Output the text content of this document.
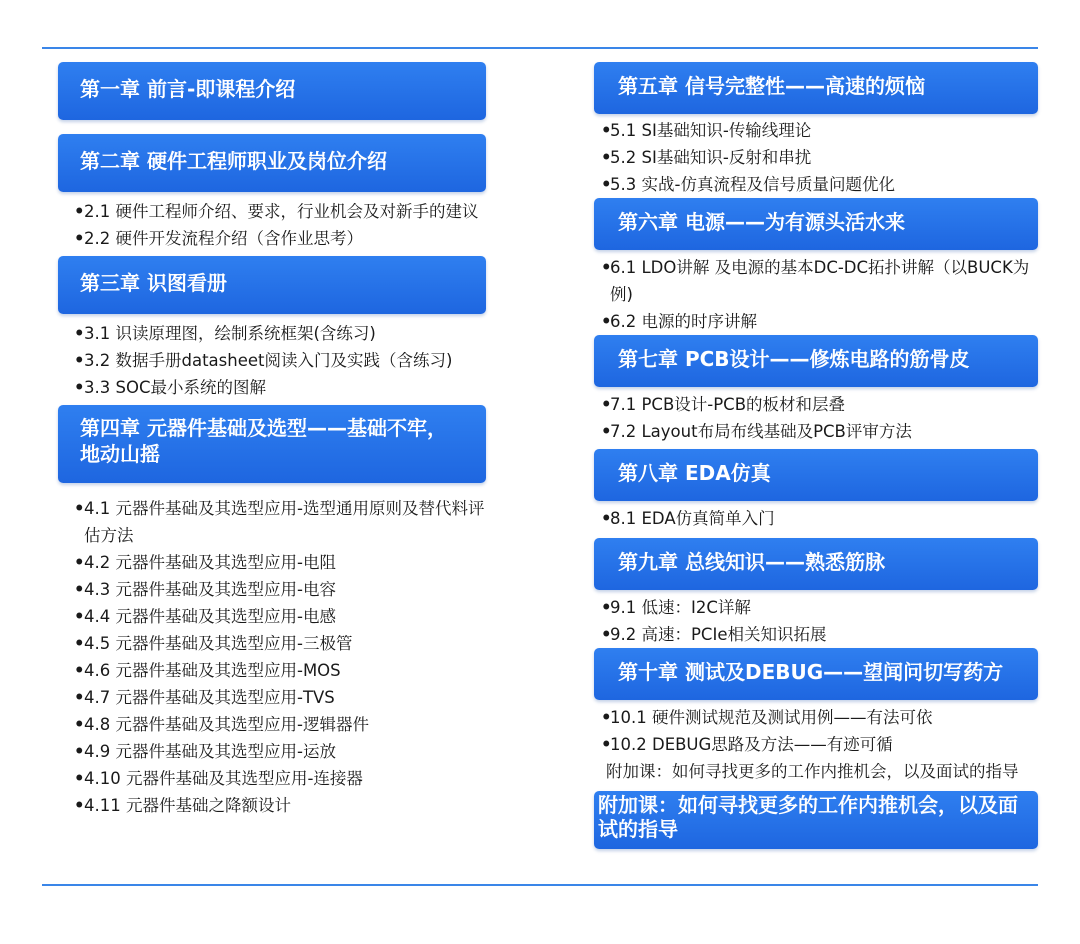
第一章 前言-即课程介绍
第二章 硬件工程师职业及岗位介绍
• 2.1 硬件工程师介绍、要求，行业机会及对新手的建议
• 2.2 硬件开发流程介绍（含作业思考）
第三章 识图看册
• 3.1 识读原理图，绘制系统框架(含练习)
• 3.2 数据手册datasheet阅读入门及实践（含练习)
• 3.3 SOC最小系统的图解
第四章 元器件基础及选型——基础不牢，地动山摇
• 4.1 元器件基础及其选型应用-选型通用原则及替代料评估方法
• 4.2 元器件基础及其选型应用-电阻
• 4.3 元器件基础及其选型应用-电容
• 4.4 元器件基础及其选型应用-电感
• 4.5 元器件基础及其选型应用-三极管
• 4.6 元器件基础及其选型应用-MOS
• 4.7 元器件基础及其选型应用-TVS
• 4.8 元器件基础及其选型应用-逻辑器件
• 4.9 元器件基础及其选型应用-运放
• 4.10 元器件基础及其选型应用-连接器
• 4.11 元器件基础之降额设计
第五章 信号完整性——高速的烦恼
•
5.1 SI基础知识-传输线理论
•
5.2 SI基础知识-反射和串扰
•
5.3 实战-仿真流程及信号质量问题优化
第六章 电源——为有源头活水来
•
6.1 LDO讲解 及电源的基本DC-DC拓扑讲解（以BUCK为例)
•
6.2 电源的时序讲解
第七章 PCB设计——修炼电路的筋骨皮
•
7.1 PCB设计-PCB的板材和层叠
•
7.2 Layout布局布线基础及PCB评审方法
第八章 EDA仿真
•
8.1 EDA仿真简单入门
第九章 总线知识——熟悉筋脉
•
9.1 低速：I2C详解
•
9.2 高速：PCIe相关知识拓展
第十章 测试及DEBUG——望闻问切写药方
•
10.1 硬件测试规范及测试用例——有法可依
•
10.2 DEBUG思路及方法——有迹可循
附加课：如何寻找更多的工作内推机会，以及面试的指导
附加课：如何寻找更多的工作内推机会，以及面试的指导
